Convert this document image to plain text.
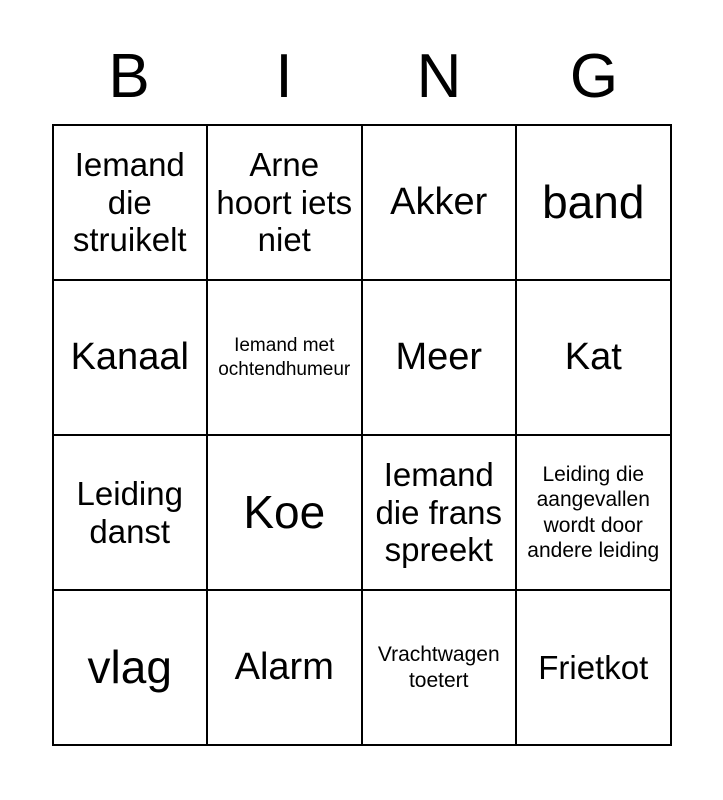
B	I	N	G
Iemand die struikelt	Arne hoort iets niet	Akker	band

Kanaal	Iemand met ochtendhumeur	Meer	Kat

Leiding danst	Koe	Iemand die frans spreekt	Leiding die aangevallen wordt door andere leiding

vlag	Alarm	Vrachtwagen toetert	Frietkot
